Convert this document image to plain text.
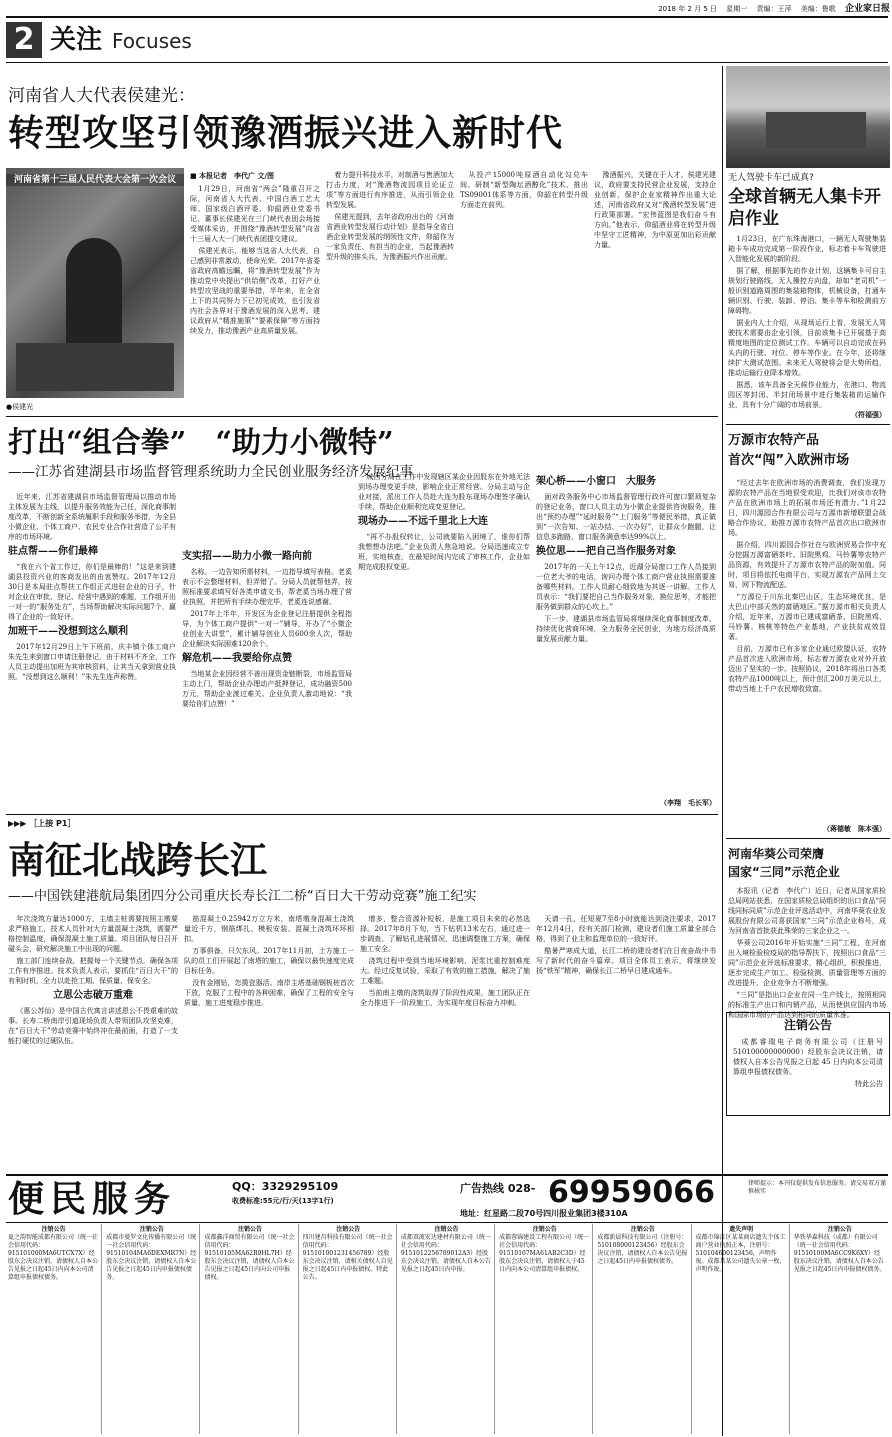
2018 年 2 月 5 日　 星期一　 责编：王萍　 美编：鲁歌　 企业家日报
2 关注 Focuses
河南省人大代表侯建光：
转型攻坚引领豫酒振兴进入新时代
河南省第十三届人民代表大会第一次会议
●侯建光
■ 本报记者　李代广 文/图

1月29日，河南省“两会”隆重召开之际，河南省人大代表、中国白酒工艺大师、国家级白酒评委、仰韶酒业党委书记、董事长侯建光在三门峡代表团会场接受媒体采访，并围绕“豫酒转型发展”向省十三届人大一门峡代表团提交建议。

侯建光表示，能够当选省人大代表，自己感到非常激动，使命光荣。2017年省委省政府高瞻远瞩，将“豫酒转型发展”作为推动党中央提出“供给侧”改革，打好产业转型攻坚战的重要举措，半年来，在全省上下的共同努力下已初见成效，也引发省内社会各界对于豫酒发展的深入思考。建议政府从“精准施策”“要素保障”等方面持续发力，推动豫酒产业高质量发展。

着力提升科技水平，对制酒与售酒加大打击力度，对“豫酒物流园项目论证立项”等方面进行有序推进，从而引领企业转型发展。

侯建光提到，去年省政府出台的《河南省酒业转型发展行动计划》是指导全省白酒企业转型发展的纲领性文件，仰韶作为一家负责任、有担当的企业，当起豫酒转型升级的排头兵，为豫酒振兴作出贡献。

从投产15000吨原酒自动化勾兑车间、研制“新型陶坛酒醇化”技术、推出TS09001体系等方面，仰韶在转型升级方面走在前列。

豫酒振兴，关键在于人才。侯建光建议，政府要支持民营企业发展，支持企业创新，保护企业家精神作出重大论述，河南省政府又对“豫酒转型发展”进行政策部署。“宏伟蓝图是我们奋斗有方向。”他表示，仰韶酒业将在转型升级中坚守工匠精神，为中原更加出彩贡献力量。

无人驾驶卡车已成真?
全球首辆无人集卡开启作业

1月23日，在广东珠海港口，一辆无人驾驶集装箱卡车成功完成第一阶段作业，标志着卡车驾驶进入智能化发展的新阶段。

据了解，根据事先的作业计划，这辆集卡可自主规划行驶路线，无人操控方向盘，却如“老司机”一般识别道路周围的集装箱物体，机械设备，打通车辆识别、行驶、装卸、停泊、集卡等车和检测前方障碍物。

据业内人士介绍，从现场运行上看，发展无人驾驶技术需要由企业引领，目前该集卡已开展基于高精度地图的定位测试工作。车辆可以自动完成在码头内的行驶、对位、停车等作业。在今年，还将继续扩大测试范围。未来无人驾驶将会是大势所趋，推动运输行业降本增效。

据悉，该车具备全天候作业能力，在港口、物流园区等封闭、半封闭场景中进行集装箱的运输作业，具有十分广阔的市场前景。

（符福强）
万源市农特产品
首次“闯”入欧洲市场

“经过去年在欧洲市场的消费调查，我们发现万源的农特产品在当地很受欢迎，比我们对该市农特产品在欧洲市场上的拓展市场还有潜力。”1月22日，四川源园合作有限公司与万源市新增联盟会战略合作协议，助推万源市农特产品首次出口欧洲市场。

据介绍，四川源园合作社在与欧洲贸易合作中充分挖掘万源富硒茶叶、旧院黑鸡、马铃薯等农特产品资源，有效提升了万源市农特产品的附加值。同时，项目将依托电商平台，实现万源农产品网上交易、网下物流配送。

“万源位于川东北秦巴山区，生态环境优良，是大巴山中部天然的富硒地区。”据万源市相关负责人介绍，近年来，万源市已建成富硒茶、旧院黑鸡、马铃薯、核桃等特色产业基地，产业扶贫成效显著。

目前，万源市已有多家企业通过欧盟认证，农特产品首次进入欧洲市场，标志着万源农业对外开放迈出了坚实的一步。按照协议，2018年将出口各类农特产品1000吨以上，预计创汇200万美元以上，带动当地上千户农民增收致富。

（蒋德敏　陈本强）
河南华葵公司荣膺
国家“三同”示范企业

本报讯（记者　李代广）近日，记者从国家质检总局网站获悉，在国家质检总局组织的出口食品“同线同标同质”示范企业评选活动中，河南华葵农业发展股份有限公司喜获国家“三同”示范企业称号，成为河南省首批获此殊荣的三家企业之一。

华葵公司2016年开始实施“三同”工程，在河南出入境检验检疫局的指导帮扶下，按照出口食品“三同”示范企业评选标准要求，精心组织，积极推进，逐步完成生产加工、检验检测、质量管理等方面的改进提升，企业竞争力不断增强。

“三同”是指出口企业在同一生产线上，按照相同的标准生产出口和内销产品，从而使供应国内市场和国际市场的产品达到相同的质量水准。

注销公告
成都睿瑞电子商务有限公司（注册号 510100000000000）经股东会决议注销，请债权人自本公告见报之日起 45 日内向本公司清算组申报债权债务。
特此公告
打出“组合拳”　“助力小微特”
——江苏省建湖县市场监督管理系统助力全民创业服务经济发展纪事

近年来，江苏省建湖县市场监督管理局以推动市场主体发展为主线，以提升服务效能为己任，深化商事制度改革，不断创新全系统履职手段和服务举措，为全县小微企业、个体工商户、农民专业合作社营造了公平有序的市场环境。

驻点帮——你们最棒

“我在六个省工作过，你们是最棒的！”这是来到建湖县投资兴业的客商发出的由衷赞叹。2017年12月30日是本局驻点帮扶工作组正式进驻企业的日子，针对企业在审批、登记、经营中遇到的难题，工作组开出一对一的“服务处方”，当场帮助解决实际问题7个，赢得了企业的一致好评。

加班干——没想到这么顺利

2017年12月29日上午下班前，庆丰镇个体工商户朱先生来到窗口申请注册登记，由于材料不齐全，工作人员主动提出加班为其审核资料，让其当天拿到营业执照。“没想到这么顺利！”朱先生连声称赞。

支实招——助力小微一路向前

名称。一边告知所需材料，一边指导填写表格。老奚表示不会整理材料，但弄错了。分局人员就帮他弄，按照标准要求填写好各类申请文书，帮老奚当场办理了营业执照，并把所有手续办理完毕，老奚连说感谢。

2017年上半年，开发区为企业登记注册提供全程指导，为个体工商户提供“一对一”辅导，开办了“小微企业创业大讲堂”，累计辅导创业人员600余人次，帮助企业解决实际困难120余个。

解危机——我要给你点赞

当地某企业因经营不善出现资金链断裂，市场监管局主动上门，帮助企业办理动产抵押登记，成功融资500万元，帮助企业渡过难关。企业负责人激动地说：“我要给你们点赞！”

城西分局在工作中发现辖区某企业因股东在外地无法到场办理变更手续，影响企业正常经营。分局主动与企业对接，派出工作人员赴大连为股东现场办理签字确认手续，帮助企业顺利完成变更登记。

现场办——不远千里北上大连

“再不办股权转让，公司就要陷入困境了，谁你们帮我想想办法吧。”企业负责人焦急地说。分局迅速成立专班，实地核查，在最短时间内完成了审核工作，企业如期完成股权变更。

架心桥——小窗口　大服务

面对政务服务中心市场监督管理行政许可窗口繁琐复杂的登记业务，窗口人员主动为小微企业提供咨询服务，推出“预约办理”“延时服务”“上门服务”等便民举措，真正做到“一次告知、一站办结、一次办好”，让群众少跑腿，让信息多跑路，窗口服务满意率达99%以上。

换位思——把自己当作服务对象

2017年的一天上午12点，近湖分局窗口工作人员接到一位老大爷的电话，询问办理个体工商户营业执照需要准备哪些材料。工作人员耐心细致地为其逐一讲解。工作人员表示：“我们要把自己当作服务对象，换位思考，才能把服务做到群众的心坎上。”

下一步，建湖县市场监管局将继续深化商事制度改革，持续优化营商环境，全力服务全民创业，为地方经济高质量发展贡献力量。

（李翔　毛长军）
▶▶▶ ［上接 P1］
南征北战跨长江
——中国铁建港航局集团四分公司重庆长寿长江二桥“百日大干劳动竞赛”施工纪实

年次浇筑方量达1000方，主墙主桩需要按照主墩要求严格施工，技术人员针对大方量混凝土浇筑，需要严格控制温度，确保混凝土施工质量。项目团队每日召开碰头会，研究解决施工中出现的问题。

施工部门连续奋战，把握每一个关键节点，确保各项工作有序推进。技术负责人表示，要抓住“百日大干”的有利时机，全力以赴抢工期、保质量、保安全。

立思公志破万重难

《惠公苏仙》是中国古代寓言讲述恩公不畏艰难的故事。长寿二桥南岸引道现场负责人带领团队攻坚克难，在“百日大干”劳动竞赛中始终冲在最前面，打造了一支能打硬仗的过硬队伍。

筋混凝土0.25942万立方米，南塔墩身混凝土浇筑量近千方，钢筋绑扎、模板安装、混凝土浇筑环环相扣。

万事俱备，只欠东风。2017年11月初，土方施工一队的员工们开展起了南塔的施工，确保以最快速度完成目标任务。

没有金刚钻，怎揽瓷器活。南岸主塔基础钢板桩首次下放，克服了工程中的各种困难，确保了工程的安全与质量，施工进度稳步推进。

增多，整合资源补短板，是施工项目未来的必然选择。2017年8月下旬，当下钻机13米左右，通过进一步调查、了解钻孔进展情况，迅速调整施工方案，确保施工安全。

浇筑过程中受到当地环境影响，泥浆比重控制难度大。经过反复试验，采取了有效的施工措施，解决了施工难题。

当前南主墩的浇筑取得了阶段性成果，施工团队正在全力推进下一阶段施工，为实现年度目标奋力冲刺。

天请一孔，任短夏7至8小时就能达到浇注要求，2017年12月4日，经有关部门检测，建设者们施工质量全部合格，得到了业主和监理单位的一致好评。

酷暑严寒成大道，长江二桥的建设者们在日夜奋战中书写了新时代的奋斗篇章。项目全体员工表示，将继续发扬“铁军”精神，确保长江二桥早日建成通车。

便民服务	QQ：3329295109
收费标准:55元/行/天(13字1行)
广告热线 028- 69959066
地址：红星路二段70号四川报业集团3楼310A
律师提示：本刊仅提供发布信息服务，请交易双方谨慎核实

注销公告

夏之韵智能成都有限公司（统一社会信用代码：915101000MA6UTCX7X）经股东会决议注销，请债权人自本公告见报之日起45日内向本公司清算组申报债权债务。

注销公告

成都市曼罗文化传播有限公司（统一社会信用代码：91510104MA6DEXMR7N）经股东会决议注销，请债权人自本公告见报之日起45日内申报债权债务。

注销公告

成都鑫洋商贸有限公司（统一社会信用代码：91510105MA62R9HL7H）经股东会决议注销，请债权人自本公告见报之日起45日内向公司申报债权。

注销公告

四川建昌科技有限公司（统一社会信用代码：915101001231456789）经股东会决议注销，请相关债权人自见报之日起45日内申报债权。特此公告。

注销公告

成都双流宏达建材有限公司（统一社会信用代码：9151012256789012A3）经股东会决议注销，请债权人自本公告见报之日起45日内申报。

注销公告

成都蓉锦建设工程有限公司（统一社会信用代码：91510107MA61AB2C3D）经股东会决议注销，请债权人于45日内向本公司清算组申报债权。

注销公告

成都新晨科技有限公司（注册号：510108000123456）经股东会决议注销，请债权人自本公告见报之日起45日内申报债权债务。

遗失声明

成都市锦江区某某商店遗失个体工商户营业执照正本，注册号：510104600123456，声明作废。成都某某公司遗失公章一枚，声明作废。

注销公告

华铁华森科技（成都）有限公司（统一社会信用代码：91510100MA6CC9K6XY）经股东决议注销，请债权人自本公告见报之日起45日内申报债权债务。
